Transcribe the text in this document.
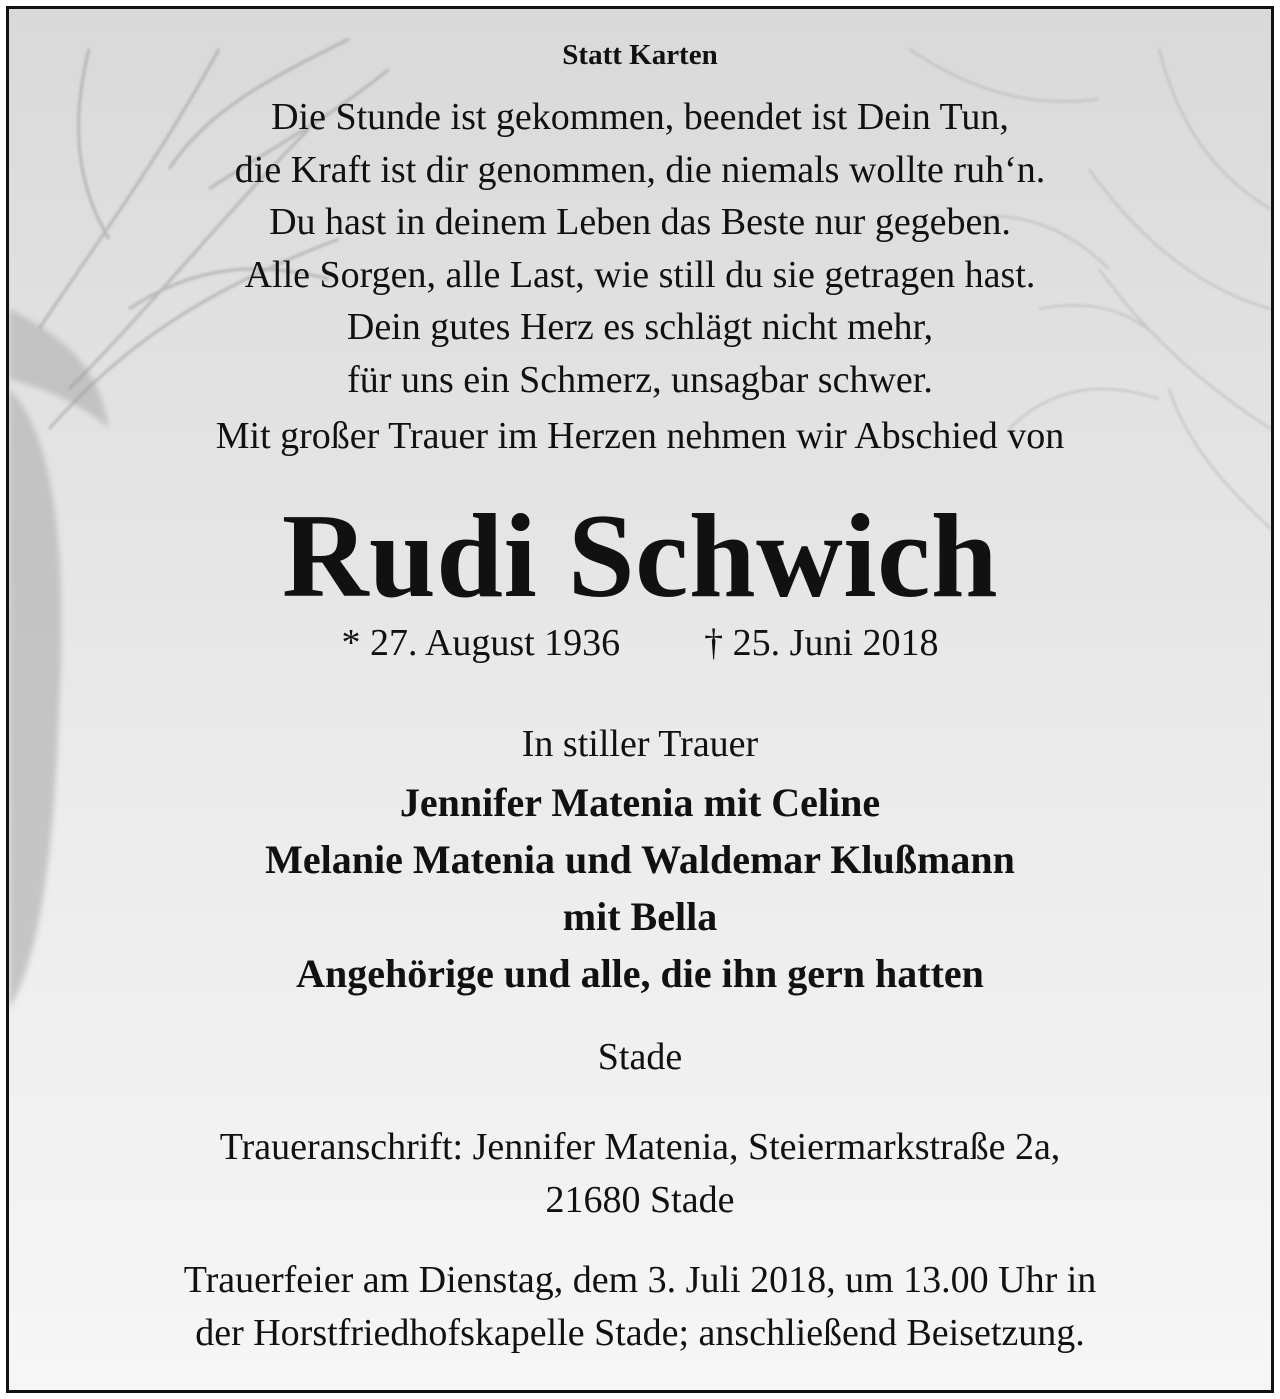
Statt Karten
Die Stunde ist gekommen, beendet ist Dein Tun,
die Kraft ist dir genommen, die niemals wollte ruh‘n.
Du hast in deinem Leben das Beste nur gegeben.
Alle Sorgen, alle Last, wie still du sie getragen hast.
Dein gutes Herz es schlägt nicht mehr,
für uns ein Schmerz, unsagbar schwer.
Mit großer Trauer im Herzen nehmen wir Abschied von
Rudi Schwich
* 27. August 1936 † 25. Juni 2018
In stiller Trauer
Jennifer Matenia mit Celine
Melanie Matenia und Waldemar Klußmann
mit Bella
Angehörige und alle, die ihn gern hatten
Stade
Traueranschrift: Jennifer Matenia, Steiermarkstraße 2a,
21680 Stade
Trauerfeier am Dienstag, dem 3. Juli 2018, um 13.00 Uhr in
der Horstfriedhofskapelle Stade; anschließend Beisetzung.
